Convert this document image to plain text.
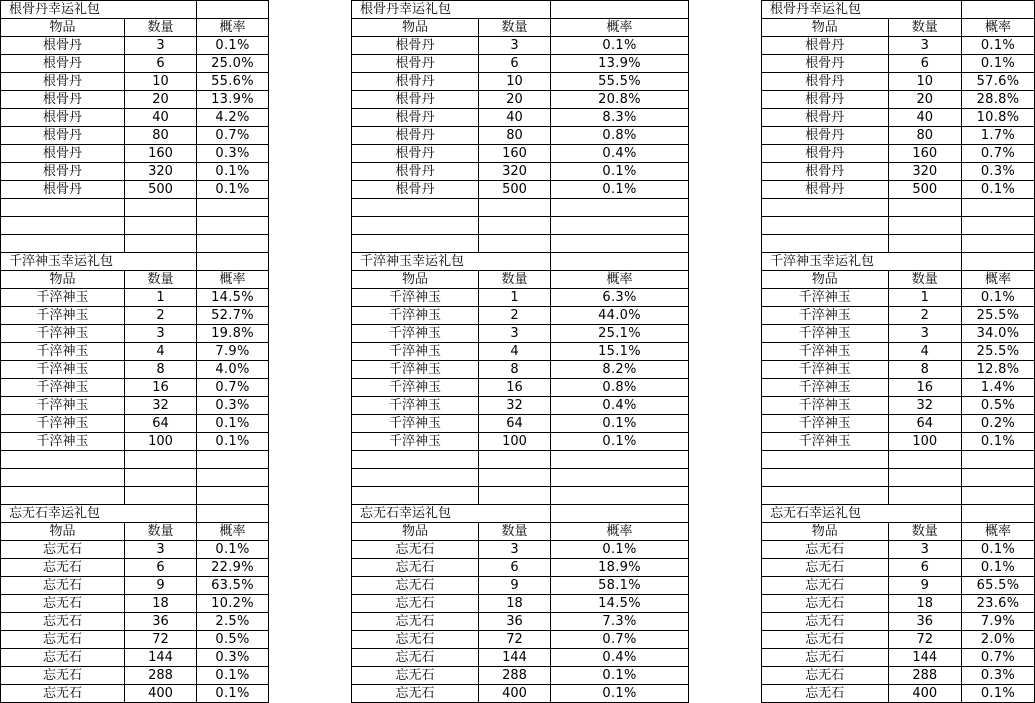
根骨丹幸运礼包		
物品	数量	概率
根骨丹	3	0.1%
根骨丹	6	25.0%
根骨丹	10	55.6%
根骨丹	20	13.9%
根骨丹	40	4.2%
根骨丹	80	0.7%
根骨丹	160	0.3%
根骨丹	320	0.1%
根骨丹	500	0.1%

千淬神玉幸运礼包		
物品	数量	概率
千淬神玉	1	14.5%
千淬神玉	2	52.7%
千淬神玉	3	19.8%
千淬神玉	4	7.9%
千淬神玉	8	4.0%
千淬神玉	16	0.7%
千淬神玉	32	0.3%
千淬神玉	64	0.1%
千淬神玉	100	0.1%

忘无石幸运礼包		
物品	数量	概率
忘无石	3	0.1%
忘无石	6	22.9%
忘无石	9	63.5%
忘无石	18	10.2%
忘无石	36	2.5%
忘无石	72	0.5%
忘无石	144	0.3%
忘无石	288	0.1%
忘无石	400	0.1%
根骨丹幸运礼包		
物品	数量	概率
根骨丹	3	0.1%
根骨丹	6	13.9%
根骨丹	10	55.5%
根骨丹	20	20.8%
根骨丹	40	8.3%
根骨丹	80	0.8%
根骨丹	160	0.4%
根骨丹	320	0.1%
根骨丹	500	0.1%

千淬神玉幸运礼包		
物品	数量	概率
千淬神玉	1	6.3%
千淬神玉	2	44.0%
千淬神玉	3	25.1%
千淬神玉	4	15.1%
千淬神玉	8	8.2%
千淬神玉	16	0.8%
千淬神玉	32	0.4%
千淬神玉	64	0.1%
千淬神玉	100	0.1%

忘无石幸运礼包		
物品	数量	概率
忘无石	3	0.1%
忘无石	6	18.9%
忘无石	9	58.1%
忘无石	18	14.5%
忘无石	36	7.3%
忘无石	72	0.7%
忘无石	144	0.4%
忘无石	288	0.1%
忘无石	400	0.1%
根骨丹幸运礼包		
物品	数量	概率
根骨丹	3	0.1%
根骨丹	6	0.1%
根骨丹	10	57.6%
根骨丹	20	28.8%
根骨丹	40	10.8%
根骨丹	80	1.7%
根骨丹	160	0.7%
根骨丹	320	0.3%
根骨丹	500	0.1%

千淬神玉幸运礼包		
物品	数量	概率
千淬神玉	1	0.1%
千淬神玉	2	25.5%
千淬神玉	3	34.0%
千淬神玉	4	25.5%
千淬神玉	8	12.8%
千淬神玉	16	1.4%
千淬神玉	32	0.5%
千淬神玉	64	0.2%
千淬神玉	100	0.1%

忘无石幸运礼包		
物品	数量	概率
忘无石	3	0.1%
忘无石	6	0.1%
忘无石	9	65.5%
忘无石	18	23.6%
忘无石	36	7.9%
忘无石	72	2.0%
忘无石	144	0.7%
忘无石	288	0.3%
忘无石	400	0.1%
